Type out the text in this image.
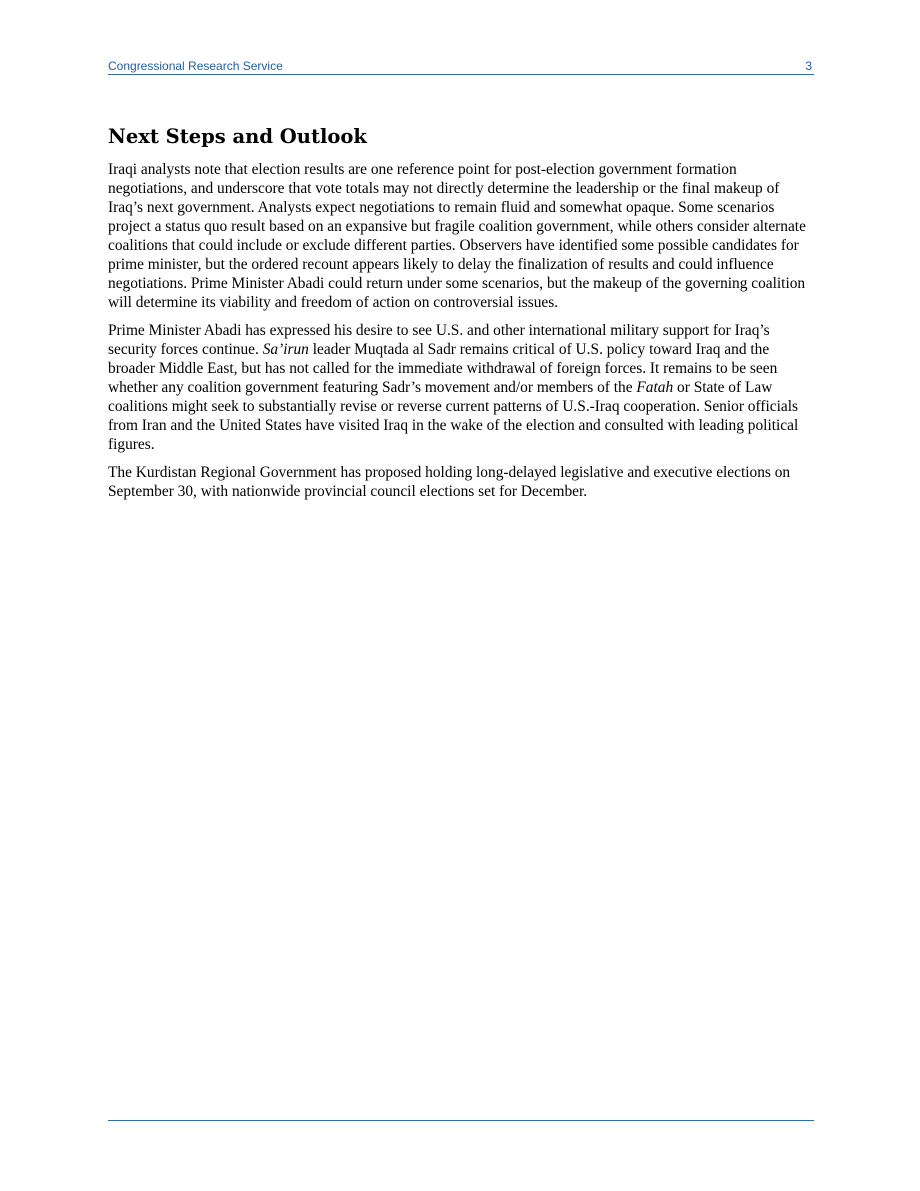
Congressional Research Service	3
Next Steps and Outlook

Iraqi analysts note that election results are one reference point for post-election government formation negotiations, and underscore that vote totals may not directly determine the leadership or the final makeup of Iraq’s next government. Analysts expect negotiations to remain fluid and somewhat opaque. Some scenarios project a status quo result based on an expansive but fragile coalition government, while others consider alternate coalitions that could include or exclude different parties. Observers have identified some possible candidates for prime minister, but the ordered recount appears likely to delay the finalization of results and could influence negotiations. Prime Minister Abadi could return under some scenarios, but the makeup of the governing coalition will determine its viability and freedom of action on controversial issues.

Prime Minister Abadi has expressed his desire to see U.S. and other international military support for Iraq’s security forces continue. Sa’irun leader Muqtada al Sadr remains critical of U.S. policy toward Iraq and the broader Middle East, but has not called for the immediate withdrawal of foreign forces. It remains to be seen whether any coalition government featuring Sadr’s movement and/or members of the Fatah or State of Law coalitions might seek to substantially revise or reverse current patterns of U.S.-Iraq cooperation. Senior officials from Iran and the United States have visited Iraq in the wake of the election and consulted with leading political figures.

The Kurdistan Regional Government has proposed holding long-delayed legislative and executive elections on September 30, with nationwide provincial council elections set for December.
